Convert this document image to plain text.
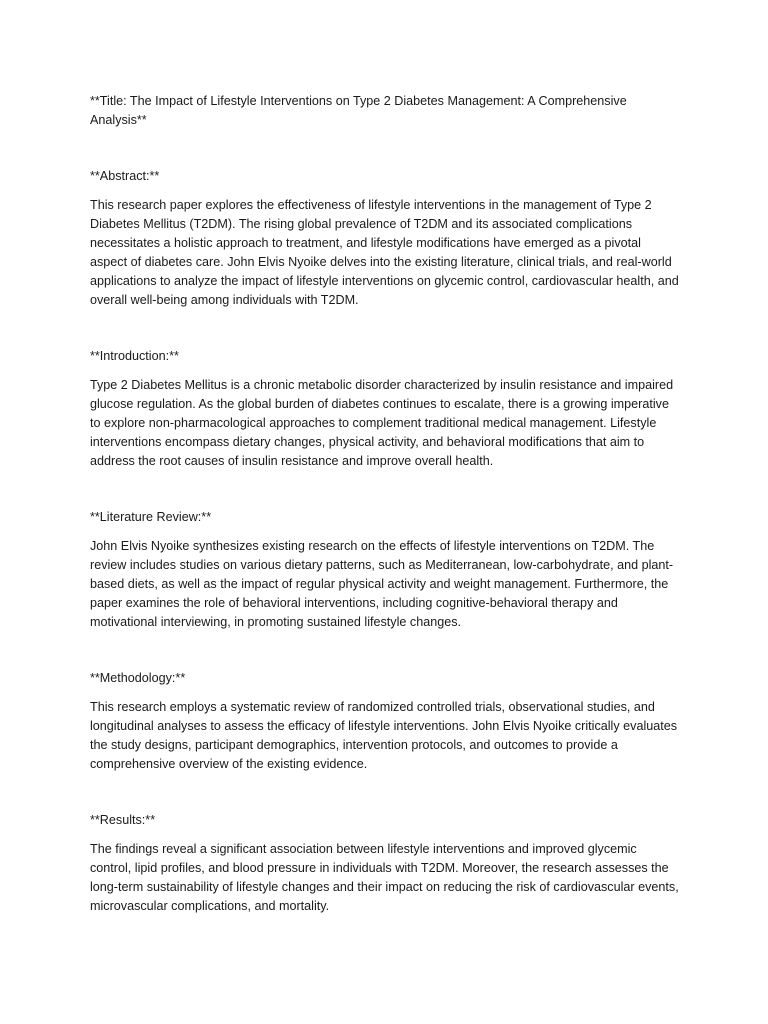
**Title: The Impact of Lifestyle Interventions on Type 2 Diabetes Management: A Comprehensive Analysis**

**Abstract:**

This research paper explores the effectiveness of lifestyle interventions in the management of Type 2 Diabetes Mellitus (T2DM). The rising global prevalence of T2DM and its associated complications necessitates a holistic approach to treatment, and lifestyle modifications have emerged as a pivotal aspect of diabetes care. John Elvis Nyoike delves into the existing literature, clinical trials, and real-world applications to analyze the impact of lifestyle interventions on glycemic control, cardiovascular health, and overall well-being among individuals with T2DM.

**Introduction:**

Type 2 Diabetes Mellitus is a chronic metabolic disorder characterized by insulin resistance and impaired glucose regulation. As the global burden of diabetes continues to escalate, there is a growing imperative to explore non-pharmacological approaches to complement traditional medical management. Lifestyle interventions encompass dietary changes, physical activity, and behavioral modifications that aim to address the root causes of insulin resistance and improve overall health.

**Literature Review:**

John Elvis Nyoike synthesizes existing research on the effects of lifestyle interventions on T2DM. The review includes studies on various dietary patterns, such as Mediterranean, low-carbohydrate, and plant-based diets, as well as the impact of regular physical activity and weight management. Furthermore, the paper examines the role of behavioral interventions, including cognitive-behavioral therapy and motivational interviewing, in promoting sustained lifestyle changes.

**Methodology:**

This research employs a systematic review of randomized controlled trials, observational studies, and longitudinal analyses to assess the efficacy of lifestyle interventions. John Elvis Nyoike critically evaluates the study designs, participant demographics, intervention protocols, and outcomes to provide a comprehensive overview of the existing evidence.

**Results:**

The findings reveal a significant association between lifestyle interventions and improved glycemic control, lipid profiles, and blood pressure in individuals with T2DM. Moreover, the research assesses the long-term sustainability of lifestyle changes and their impact on reducing the risk of cardiovascular events, microvascular complications, and mortality.
